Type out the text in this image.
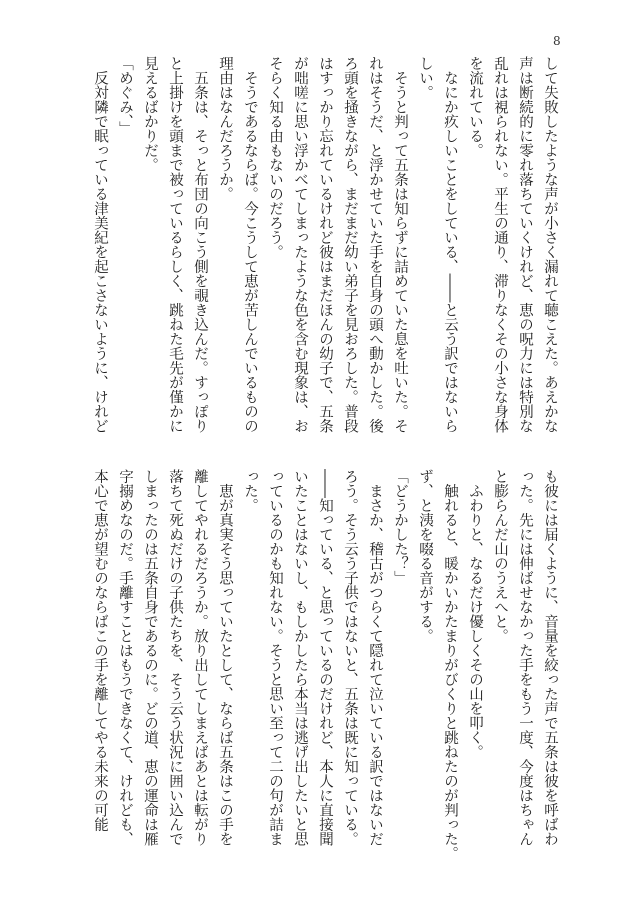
8
して失敗したような声が小さく漏れて聴こえた。あえかな
声は断続的に零れ落ちていくけれど、恵の呪力には特別な
乱れは視られない。平生の通り、滞りなくその小さな身体
を流れている。
　なにか疚しいことをしている、――と云う訳ではないら
しい。
　そうと判って五条は知らずに詰めていた息を吐いた。そ
れはそうだ、と浮かせていた手を自身の頭へ動かした。後
ろ頭を掻きながら、まだまだ幼い弟子を見おろした。普段
はすっかり忘れているけれど彼はまだほんの幼子で、五条
が咄嗟に思い浮かべてしまったような色を含む現象は、お
そらく知る由もないのだろう。
　そうであるならば。今こうして恵が苦しんでいるものの
理由はなんだろうか。
　五条は、そっと布団の向こう側を覗き込んだ。すっぽり
と上掛けを頭まで被っているらしく、跳ねた毛先が僅かに
見えるばかりだ。
「めぐみ、」
　反対隣で眠っている津美紀を起こさないように、けれど
も彼には届くように、音量を絞った声で五条は彼を呼ばわ
った。先には伸ばせなかった手をもう一度、今度はちゃん
と膨らんだ山のうえへと。
　ふわりと、なるだけ優しくその山を叩く。
　触れると、暖かいかたまりがびくりと跳ねたのが判った。
ず、と洟を啜る音がする。
「どうかした？」
　まさか、稽古がつらくて隠れて泣いている訳ではないだ
ろう。そう云う子供ではないと、五条は既に知っている。
――知っている、と思っているのだけれど、本人に直接聞
いたことはないし、もしかしたら本当は逃げ出したいと思
っているのかも知れない。そうと思い至って二の句が詰ま
った。
　恵が真実そう思っていたとして、ならば五条はこの手を
離してやれるだろうか。放り出してしまえばあとは転がり
落ちて死ぬだけの子供たちを、そう云う状況に囲い込んで
しまったのは五条自身であるのに。どの道、恵の運命は雁
字搦めなのだ。手離すことはもうできなくて、けれども、
本心で恵が望むのならばこの手を離してやる未来の可能
